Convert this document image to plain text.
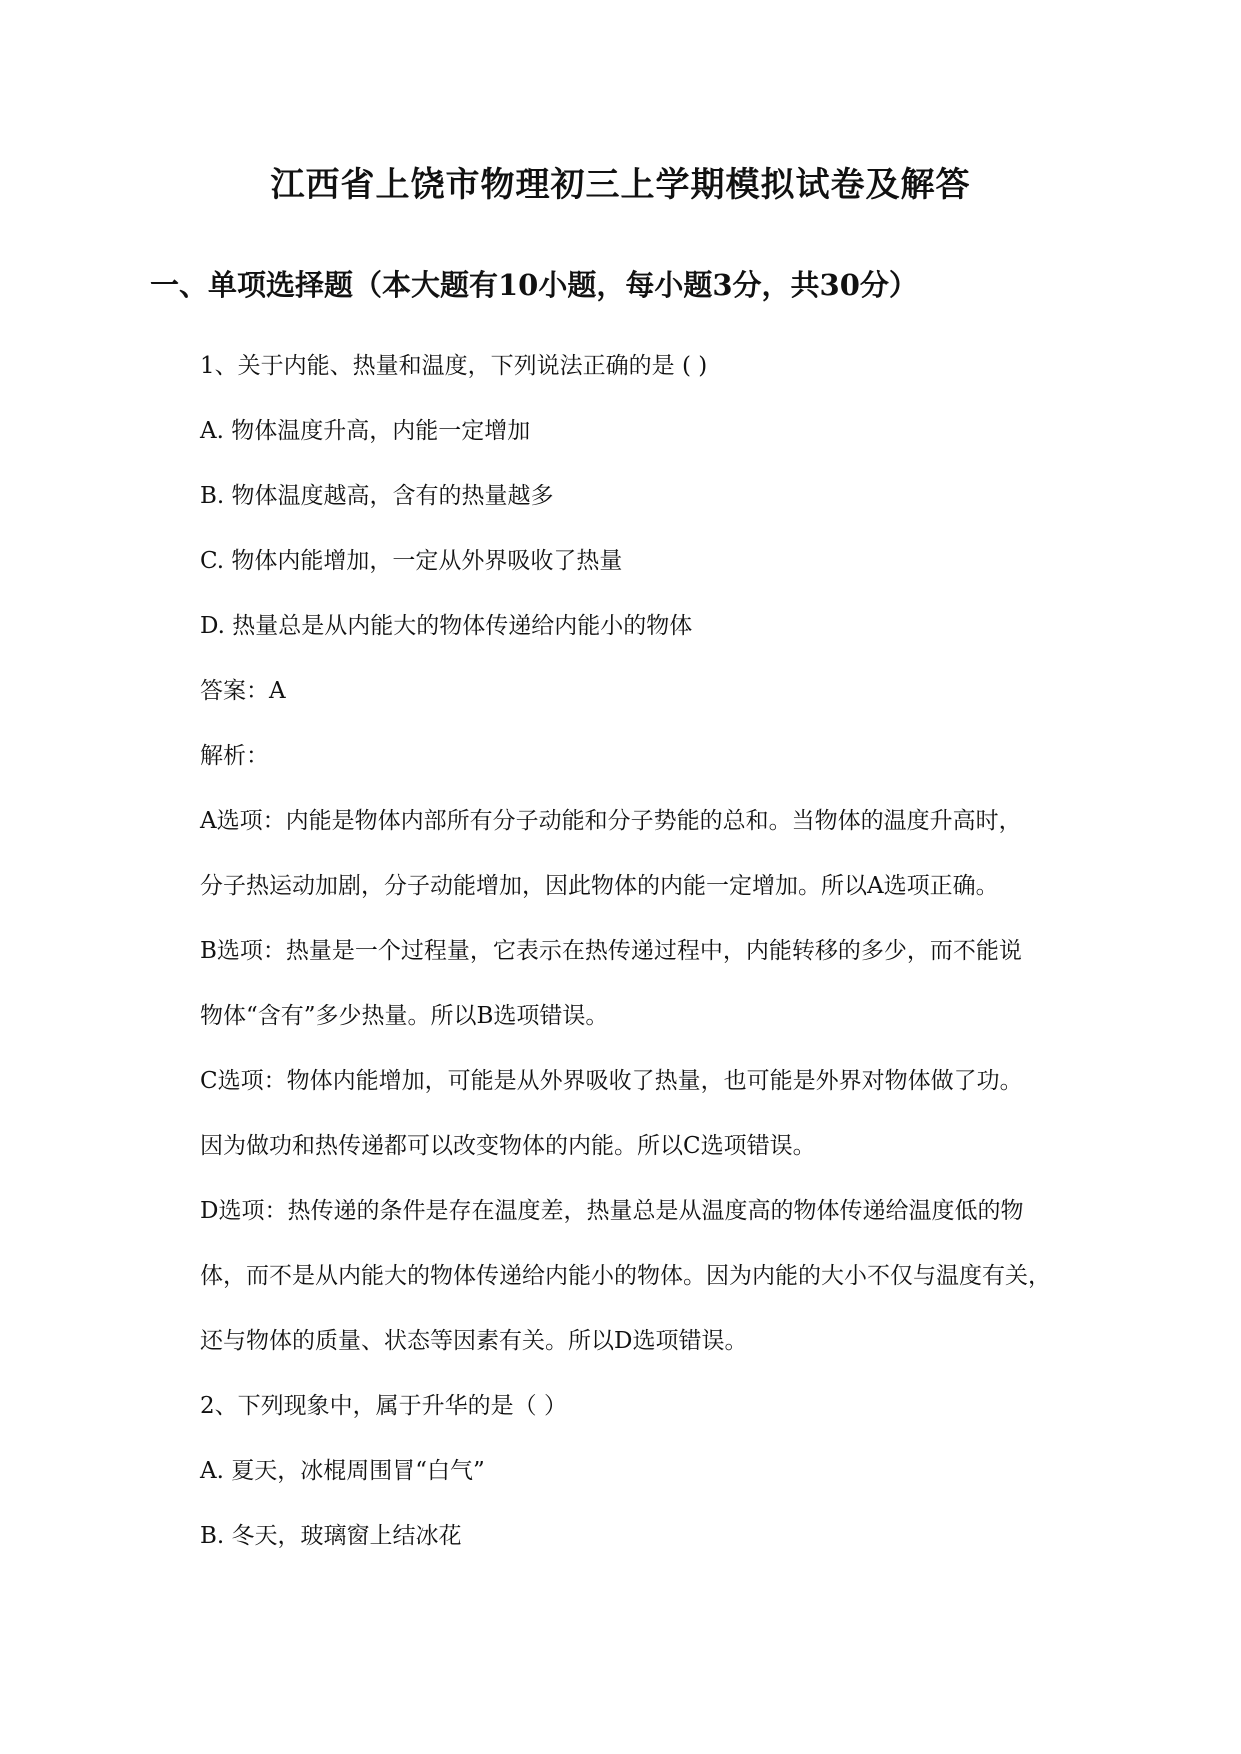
江西省上饶市物理初三上学期模拟试卷及解答
一、单项选择题（本大题有10小题，每小题3分，共30分）

1、关于内能、热量和温度，下列说法正确的是 ( )

A. 物体温度升高，内能一定增加

B. 物体温度越高，含有的热量越多

C. 物体内能增加，一定从外界吸收了热量

D. 热量总是从内能大的物体传递给内能小的物体

答案：A

解析：

A选项：内能是物体内部所有分子动能和分子势能的总和。当物体的温度升高时，

分子热运动加剧，分子动能增加，因此物体的内能一定增加。所以A选项正确。

B选项：热量是一个过程量，它表示在热传递过程中，内能转移的多少，而不能说

物体“含有”多少热量。所以B选项错误。

C选项：物体内能增加，可能是从外界吸收了热量，也可能是外界对物体做了功。

因为做功和热传递都可以改变物体的内能。所以C选项错误。

D选项：热传递的条件是存在温度差，热量总是从温度高的物体传递给温度低的物

体，而不是从内能大的物体传递给内能小的物体。因为内能的大小不仅与温度有关，

还与物体的质量、状态等因素有关。所以D选项错误。

2、下列现象中，属于升华的是（ ）

A. 夏天，冰棍周围冒“白气”

B. 冬天，玻璃窗上结冰花
